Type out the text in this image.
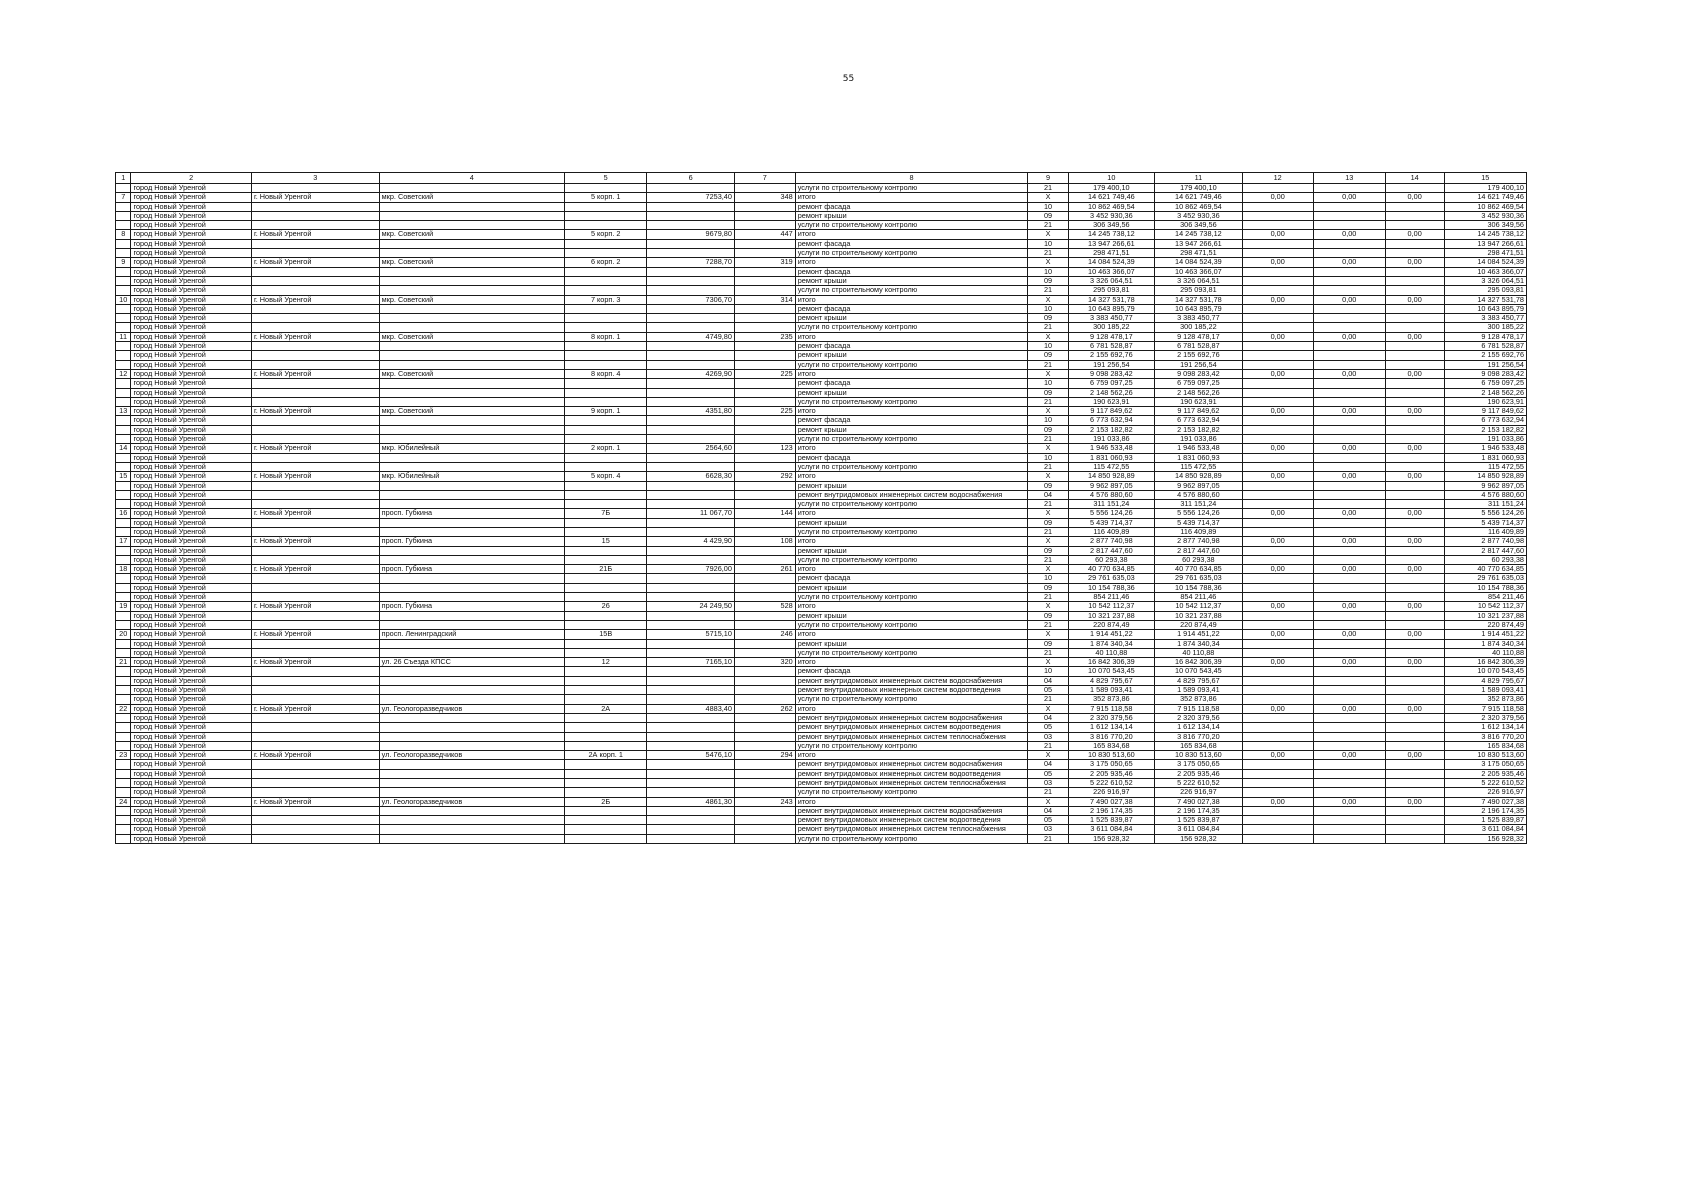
55
1	2	3	4	5	6	7	8	9	10	11	12	13	14	15
	город Новый Уренгой						услуги по строительному контролю	21	179 400,10	179 400,10				179 400,10
7	город Новый Уренгой	г. Новый Уренгой	мкр. Советский	5 корп. 1	7253,40	348	итого	X	14 621 749,46	14 621 749,46	0,00	0,00	0,00	14 621 749,46
	город Новый Уренгой						ремонт фасада	10	10 862 469,54	10 862 469,54				10 862 469,54
	город Новый Уренгой						ремонт крыши	09	3 452 930,36	3 452 930,36				3 452 930,36
	город Новый Уренгой						услуги по строительному контролю	21	306 349,56	306 349,56				306 349,56
8	город Новый Уренгой	г. Новый Уренгой	мкр. Советский	5 корп. 2	9679,80	447	итого	X	14 245 738,12	14 245 738,12	0,00	0,00	0,00	14 245 738,12
	город Новый Уренгой						ремонт фасада	10	13 947 266,61	13 947 266,61				13 947 266,61
	город Новый Уренгой						услуги по строительному контролю	21	298 471,51	298 471,51				298 471,51
9	город Новый Уренгой	г. Новый Уренгой	мкр. Советский	6 корп. 2	7288,70	319	итого	X	14 084 524,39	14 084 524,39	0,00	0,00	0,00	14 084 524,39
	город Новый Уренгой						ремонт фасада	10	10 463 366,07	10 463 366,07				10 463 366,07
	город Новый Уренгой						ремонт крыши	09	3 326 064,51	3 326 064,51				3 326 064,51
	город Новый Уренгой						услуги по строительному контролю	21	295 093,81	295 093,81				295 093,81
10	город Новый Уренгой	г. Новый Уренгой	мкр. Советский	7 корп. 3	7306,70	314	итого	X	14 327 531,78	14 327 531,78	0,00	0,00	0,00	14 327 531,78
	город Новый Уренгой						ремонт фасада	10	10 643 895,79	10 643 895,79				10 643 895,79
	город Новый Уренгой						ремонт крыши	09	3 383 450,77	3 383 450,77				3 383 450,77
	город Новый Уренгой						услуги по строительному контролю	21	300 185,22	300 185,22				300 185,22
11	город Новый Уренгой	г. Новый Уренгой	мкр. Советский	8 корп. 1	4749,80	235	итого	X	9 128 478,17	9 128 478,17	0,00	0,00	0,00	9 128 478,17
	город Новый Уренгой						ремонт фасада	10	6 781 528,87	6 781 528,87				6 781 528,87
	город Новый Уренгой						ремонт крыши	09	2 155 692,76	2 155 692,76				2 155 692,76
	город Новый Уренгой						услуги по строительному контролю	21	191 256,54	191 256,54				191 256,54
12	город Новый Уренгой	г. Новый Уренгой	мкр. Советский	8 корп. 4	4269,90	225	итого	X	9 098 283,42	9 098 283,42	0,00	0,00	0,00	9 098 283,42
	город Новый Уренгой						ремонт фасада	10	6 759 097,25	6 759 097,25				6 759 097,25
	город Новый Уренгой						ремонт крыши	09	2 148 562,26	2 148 562,26				2 148 562,26
	город Новый Уренгой						услуги по строительному контролю	21	190 623,91	190 623,91				190 623,91
13	город Новый Уренгой	г. Новый Уренгой	мкр. Советский	9 корп. 1	4351,80	225	итого	X	9 117 849,62	9 117 849,62	0,00	0,00	0,00	9 117 849,62
	город Новый Уренгой						ремонт фасада	10	6 773 632,94	6 773 632,94				6 773 632,94
	город Новый Уренгой						ремонт крыши	09	2 153 182,82	2 153 182,82				2 153 182,82
	город Новый Уренгой						услуги по строительному контролю	21	191 033,86	191 033,86				191 033,86
14	город Новый Уренгой	г. Новый Уренгой	мкр. Юбилейный	2 корп. 1	2564,60	123	итого	X	1 946 533,48	1 946 533,48	0,00	0,00	0,00	1 946 533,48
	город Новый Уренгой						ремонт фасада	10	1 831 060,93	1 831 060,93				1 831 060,93
	город Новый Уренгой						услуги по строительному контролю	21	115 472,55	115 472,55				115 472,55
15	город Новый Уренгой	г. Новый Уренгой	мкр. Юбилейный	5 корп. 4	6628,30	292	итого	X	14 850 928,89	14 850 928,89	0,00	0,00	0,00	14 850 928,89
	город Новый Уренгой						ремонт крыши	09	9 962 897,05	9 962 897,05				9 962 897,05
	город Новый Уренгой						ремонт внутридомовых инженерных систем водоснабжения	04	4 576 880,60	4 576 880,60				4 576 880,60
	город Новый Уренгой						услуги по строительному контролю	21	311 151,24	311 151,24				311 151,24
16	город Новый Уренгой	г. Новый Уренгой	просп. Губкина	7Б	11 067,70	144	итого	X	5 556 124,26	5 556 124,26	0,00	0,00	0,00	5 556 124,26
	город Новый Уренгой						ремонт крыши	09	5 439 714,37	5 439 714,37				5 439 714,37
	город Новый Уренгой						услуги по строительному контролю	21	116 409,89	116 409,89				116 409,89
17	город Новый Уренгой	г. Новый Уренгой	просп. Губкина	15	4 429,90	108	итого	X	2 877 740,98	2 877 740,98	0,00	0,00	0,00	2 877 740,98
	город Новый Уренгой						ремонт крыши	09	2 817 447,60	2 817 447,60				2 817 447,60
	город Новый Уренгой						услуги по строительному контролю	21	60 293,38	60 293,38				60 293,38
18	город Новый Уренгой	г. Новый Уренгой	просп. Губкина	21Б	7926,00	261	итого	X	40 770 634,85	40 770 634,85	0,00	0,00	0,00	40 770 634,85
	город Новый Уренгой						ремонт фасада	10	29 761 635,03	29 761 635,03				29 761 635,03
	город Новый Уренгой						ремонт крыши	09	10 154 788,36	10 154 788,36				10 154 788,36
	город Новый Уренгой						услуги по строительному контролю	21	854 211,46	854 211,46				854 211,46
19	город Новый Уренгой	г. Новый Уренгой	просп. Губкина	26	24 249,50	528	итого	X	10 542 112,37	10 542 112,37	0,00	0,00	0,00	10 542 112,37
	город Новый Уренгой						ремонт крыши	09	10 321 237,88	10 321 237,88				10 321 237,88
	город Новый Уренгой						услуги по строительному контролю	21	220 874,49	220 874,49				220 874,49
20	город Новый Уренгой	г. Новый Уренгой	просп. Ленинградский	15В	5715,10	246	итого	X	1 914 451,22	1 914 451,22	0,00	0,00	0,00	1 914 451,22
	город Новый Уренгой						ремонт крыши	09	1 874 340,34	1 874 340,34				1 874 340,34
	город Новый Уренгой						услуги по строительному контролю	21	40 110,88	40 110,88				40 110,88
21	город Новый Уренгой	г. Новый Уренгой	ул. 26 Съезда КПСС	12	7165,10	320	итого	X	16 842 306,39	16 842 306,39	0,00	0,00	0,00	16 842 306,39
	город Новый Уренгой						ремонт фасада	10	10 070 543,45	10 070 543,45				10 070 543,45
	город Новый Уренгой						ремонт внутридомовых инженерных систем водоснабжения	04	4 829 795,67	4 829 795,67				4 829 795,67
	город Новый Уренгой						ремонт внутридомовых инженерных систем водоотведения	05	1 589 093,41	1 589 093,41				1 589 093,41
	город Новый Уренгой						услуги по строительному контролю	21	352 873,86	352 873,86				352 873,86
22	город Новый Уренгой	г. Новый Уренгой	ул. Геологоразведчиков	2А	4883,40	262	итого	X	7 915 118,58	7 915 118,58	0,00	0,00	0,00	7 915 118,58
	город Новый Уренгой						ремонт внутридомовых инженерных систем водоснабжения	04	2 320 379,56	2 320 379,56				2 320 379,56
	город Новый Уренгой						ремонт внутридомовых инженерных систем водоотведения	05	1 612 134,14	1 612 134,14				1 612 134,14
	город Новый Уренгой						ремонт внутридомовых инженерных систем теплоснабжения	03	3 816 770,20	3 816 770,20				3 816 770,20
	город Новый Уренгой						услуги по строительному контролю	21	165 834,68	165 834,68				165 834,68
23	город Новый Уренгой	г. Новый Уренгой	ул. Геологоразведчиков	2А корп. 1	5476,10	294	итого	X	10 830 513,60	10 830 513,60	0,00	0,00	0,00	10 830 513,60
	город Новый Уренгой						ремонт внутридомовых инженерных систем водоснабжения	04	3 175 050,65	3 175 050,65				3 175 050,65
	город Новый Уренгой						ремонт внутридомовых инженерных систем водоотведения	05	2 205 935,46	2 205 935,46				2 205 935,46
	город Новый Уренгой						ремонт внутридомовых инженерных систем теплоснабжения	03	5 222 610,52	5 222 610,52				5 222 610,52
	город Новый Уренгой						услуги по строительному контролю	21	226 916,97	226 916,97				226 916,97
24	город Новый Уренгой	г. Новый Уренгой	ул. Геологоразведчиков	2Б	4861,30	243	итого	X	7 490 027,38	7 490 027,38	0,00	0,00	0,00	7 490 027,38
	город Новый Уренгой						ремонт внутридомовых инженерных систем водоснабжения	04	2 196 174,35	2 196 174,35				2 196 174,35
	город Новый Уренгой						ремонт внутридомовых инженерных систем водоотведения	05	1 525 839,87	1 525 839,87				1 525 839,87
	город Новый Уренгой						ремонт внутридомовых инженерных систем теплоснабжения	03	3 611 084,84	3 611 084,84				3 611 084,84
	город Новый Уренгой						услуги по строительному контролю	21	156 928,32	156 928,32				156 928,32
